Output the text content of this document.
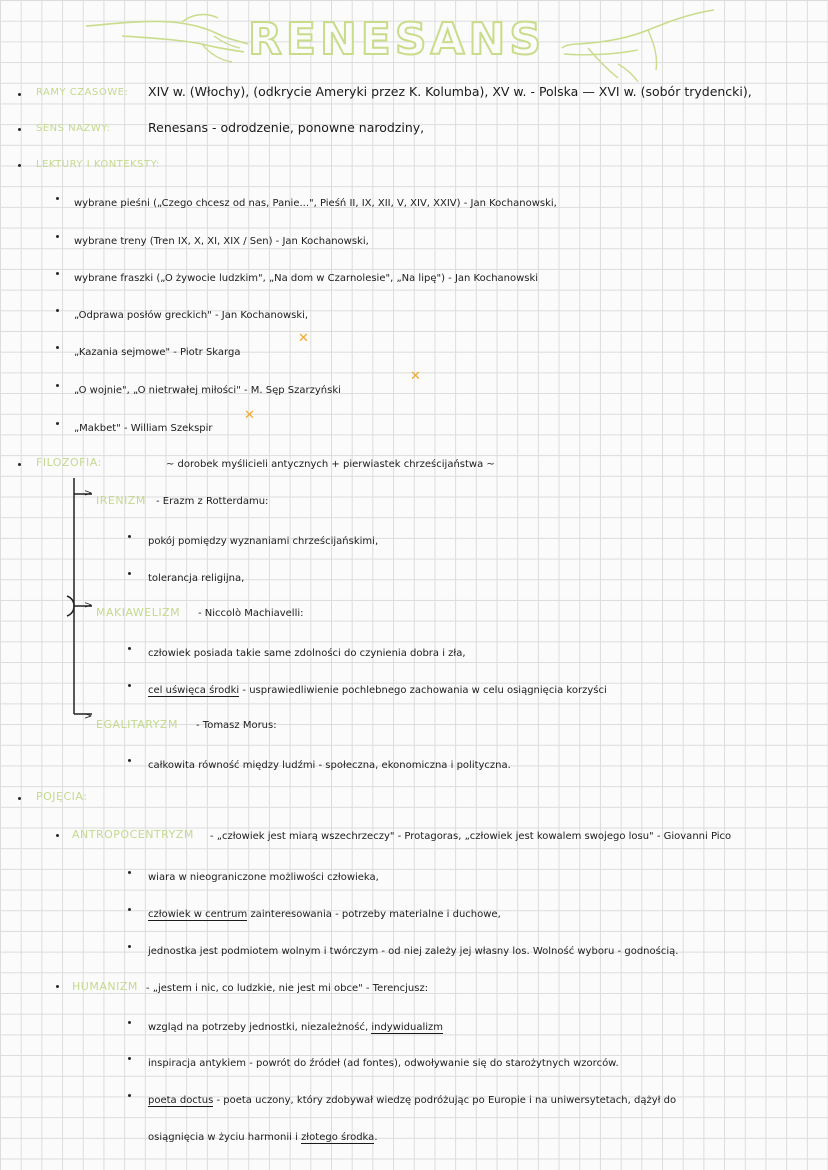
RENESANS
RAMY CZASOWE: XIV w. (Włochy), (odkrycie Ameryki przez K. Kolumba), XV w. - Polska — XVI w. (sobór trydencki),
SENS NAZWY:	Renesans - odrodzenie, ponowne narodziny,
LEKTURY I KONTEKSTY:
wybrane pieśni („Czego chcesz od nas, Panie...", Pieśń II, IX, XII, V, XIV, XXIV) - Jan Kochanowski,
wybrane treny (Tren IX, X, XI, XIX / Sen) - Jan Kochanowski,
wybrane fraszki („O żywocie ludzkim", „Na dom w Czarnolesie", „Na lipę") - Jan Kochanowski
„Odprawa posłów greckich" - Jan Kochanowski,
„Kazania sejmowe" - Piotr Skarga
✕
„O wojnie", „O nietrwałej miłości" - M. Sęp Szarzyński
✕
„Makbet" - William Szekspir
✕
FILOZOFIA:	~ dorobek myślicieli antycznych + pierwiastek chrześcijaństwa ~
>
IRENIZM - Erazm z Rotterdamu:
pokój pomiędzy wyznaniami chrześcijańskimi,
tolerancja religijna,
>
MAKIAWELIZM - Niccolò Machiavelli:
człowiek posiada takie same zdolności do czynienia dobra i zła,
cel uświęca środki - usprawiedliwienie pochlebnego zachowania w celu osiągnięcia korzyści
>
EGALITARYZM - Tomasz Morus:
całkowita równość między ludźmi - społeczna, ekonomiczna i polityczna.
POJĘCIA:
ANTROPOCENTRYZM - „człowiek jest miarą wszechrzeczy" - Protagoras, „człowiek jest kowalem swojego losu" - Giovanni Pico
wiara w nieograniczone możliwości człowieka,
człowiek w centrum zainteresowania - potrzeby materialne i duchowe,
jednostka jest podmiotem wolnym i twórczym - od niej zależy jej własny los. Wolność wyboru - godnością.
HUMANIZM - „jestem i nic, co ludzkie, nie jest mi obce" - Terencjusz:
wzgląd na potrzeby jednostki, niezależność, indywidualizm
inspiracja antykiem - powrót do źródeł (ad fontes), odwoływanie się do starożytnych wzorców.
poeta doctus - poeta uczony, który zdobywał wiedzę podróżując po Europie i na uniwersytetach, dążył do
osiągnięcia w życiu harmonii i złotego środka.
